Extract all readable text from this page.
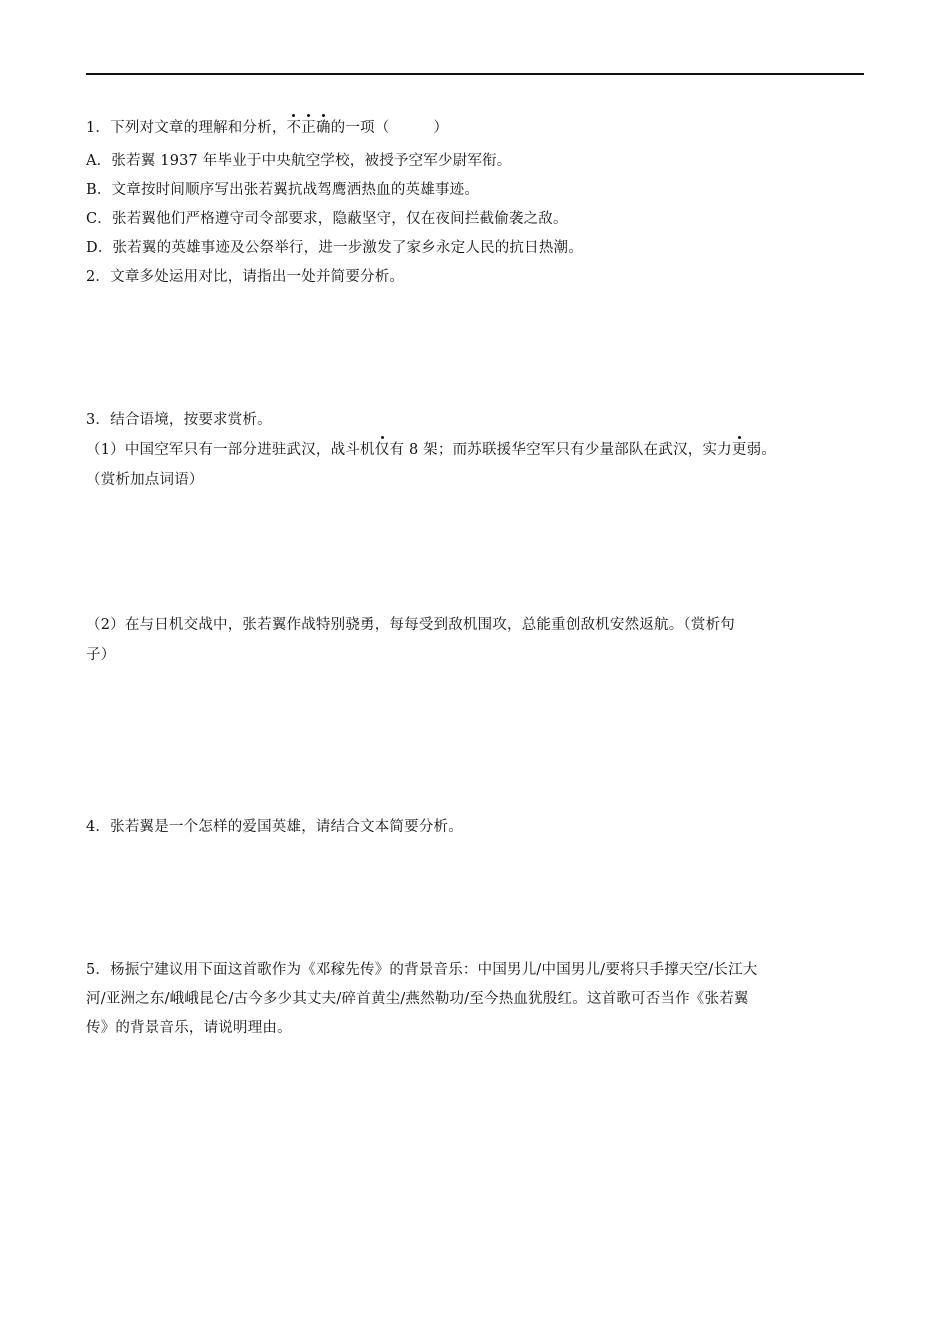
1．下列对文章的理解和分析，不正确的一项（　　　）
A．张若翼 1937 年毕业于中央航空学校，被授予空军少尉军衔。
B．文章按时间顺序写出张若翼抗战驾鹰洒热血的英雄事迹。
C．张若翼他们严格遵守司令部要求，隐蔽坚守，仅在夜间拦截偷袭之敌。
D．张若翼的英雄事迹及公祭举行，进一步激发了家乡永定人民的抗日热潮。
2．文章多处运用对比，请指出一处并简要分析。
3．结合语境，按要求赏析。
（1）中国空军只有一部分进驻武汉，战斗机仅有 8 架；而苏联援华空军只有少量部队在武汉，实力更弱。
（赏析加点词语）
（2）在与日机交战中，张若翼作战特别骁勇，每每受到敌机围攻，总能重创敌机安然返航。（赏析句
子）
4．张若翼是一个怎样的爱国英雄，请结合文本简要分析。
5．杨振宁建议用下面这首歌作为《邓稼先传》的背景音乐：中国男儿/中国男儿/要将只手撑天空/长江大
河/亚洲之东/峨峨昆仑/古今多少其丈夫/碎首黄尘/燕然勒功/至今热血犹殷红。这首歌可否当作《张若翼
传》的背景音乐，请说明理由。
